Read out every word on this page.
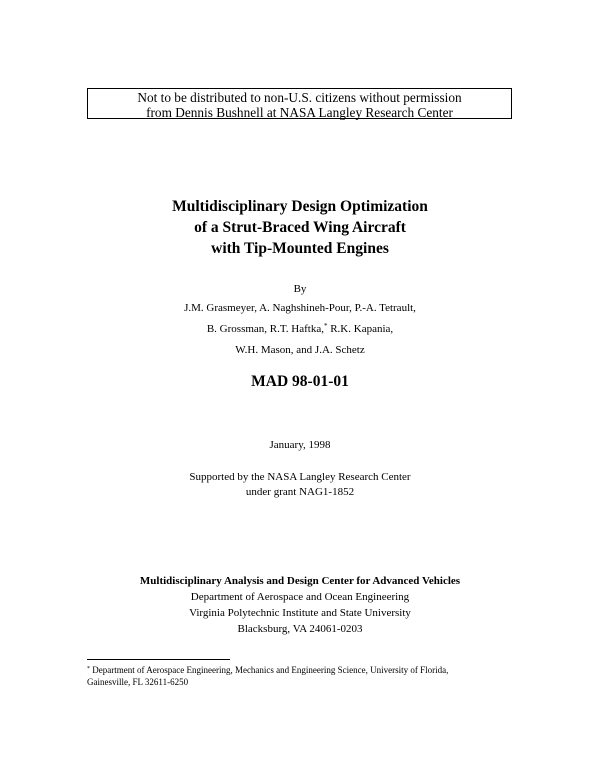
Not to be distributed to non-U.S. citizens without permission
from Dennis Bushnell at NASA Langley Research Center
Multidisciplinary Design Optimization
of a Strut-Braced Wing Aircraft
with Tip-Mounted Engines
By
J.M. Grasmeyer, A. Naghshineh-Pour, P.-A. Tetrault,
B. Grossman, R.T. Haftka,* R.K. Kapania,
W.H. Mason, and J.A. Schetz
MAD 98-01-01
January, 1998
Supported by the NASA Langley Research Center
under grant NAG1-1852
Multidisciplinary Analysis and Design Center for Advanced Vehicles
Department of Aerospace and Ocean Engineering
Virginia Polytechnic Institute and State University
Blacksburg, VA 24061-0203
* Department of Aerospace Engineering, Mechanics and Engineering Science, University of Florida,
Gainesville, FL 32611-6250
